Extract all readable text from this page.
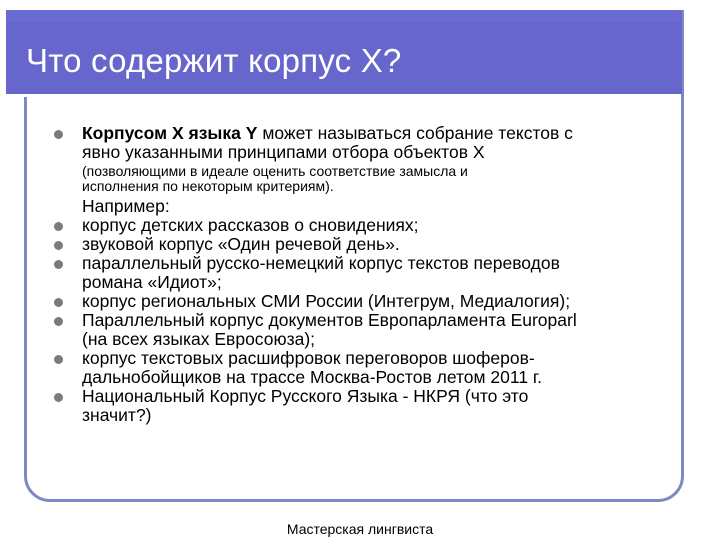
Что содержит корпус Х?
Корпусом Х языка Y может называться собрание текстов с
явно указанными принципами отбора объектов Х
(позволяющими в идеале оценить соответствие замысла и
исполнения по некоторым критериям).
Например:
корпус детских рассказов о сновидениях;
звуковой корпус «Один речевой день».
параллельный русско-немецкий корпус текстов переводов
романа «Идиот»;
корпус региональных СМИ России (Интегрум, Медиалогия);
Параллельный корпус документов Европарламента Europarl
(на всех языках Евросоюза);
корпус текстовых расшифровок переговоров шоферов-
дальнобойщиков на трассе Москва-Ростов летом 2011 г.
Национальный Корпус Русского Языка - НКРЯ (что это
значит?)
Мастерская лингвиста
